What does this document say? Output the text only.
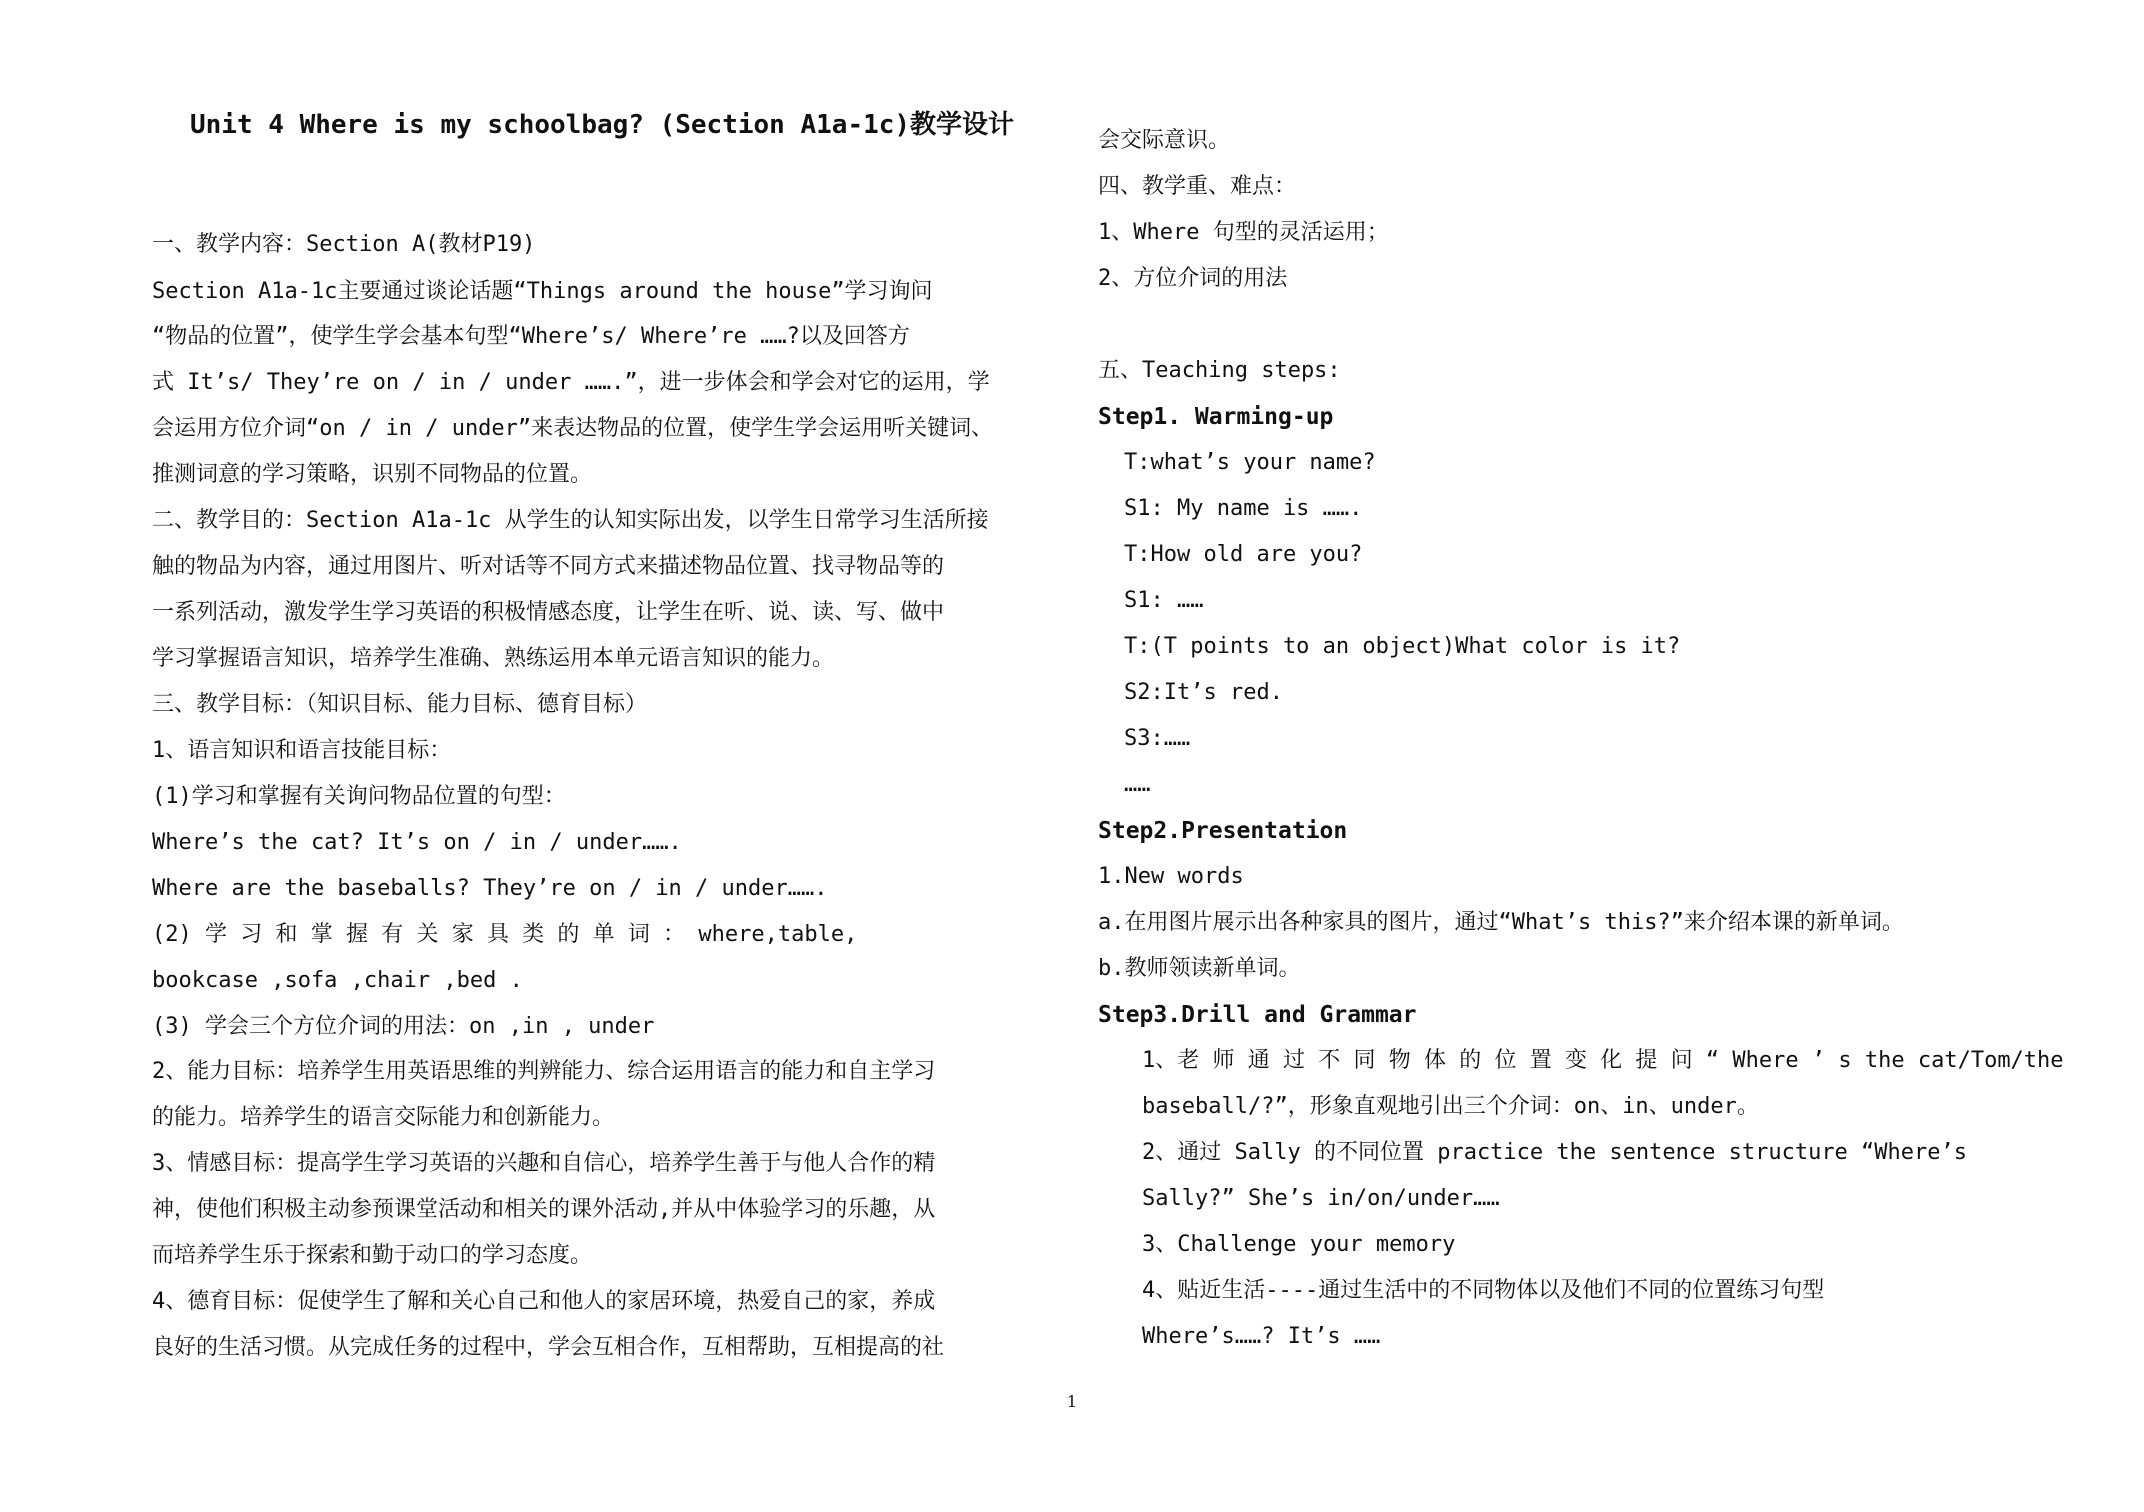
Unit 4 Where is my schoolbag? (Section A1a-1c)教学设计
一、教学内容：Section A(教材P19)
Section A1a-1c主要通过谈论话题“Things around the house”学习询问
“物品的位置”，使学生学会基本句型“Where’s/ Where’re ……?以及回答方
式 It’s/ They’re on / in / under …….”，进一步体会和学会对它的运用，学
会运用方位介词“on / in / under”来表达物品的位置，使学生学会运用听关键词、
推测词意的学习策略，识别不同物品的位置。
二、教学目的：Section A1a-1c 从学生的认知实际出发，以学生日常学习生活所接
触的物品为内容，通过用图片、听对话等不同方式来描述物品位置、找寻物品等的
一系列活动，激发学生学习英语的积极情感态度，让学生在听、说、读、写、做中
学习掌握语言知识，培养学生准确、熟练运用本单元语言知识的能力。
三、教学目标：（知识目标、能力目标、德育目标）
1、语言知识和语言技能目标：
(1)学习和掌握有关询问物品位置的句型：
Where’s the cat? It’s on / in / under…….
Where are the baseballs? They’re on / in / under…….
(2) 学 习 和 掌 握 有 关 家 具 类 的 单 词 ： where,table,
bookcase ,sofa ,chair ,bed .
(3) 学会三个方位介词的用法：on ,in , under
2、能力目标：培养学生用英语思维的判辨能力、综合运用语言的能力和自主学习
的能力。培养学生的语言交际能力和创新能力。
3、情感目标：提高学生学习英语的兴趣和自信心，培养学生善于与他人合作的精
神，使他们积极主动参预课堂活动和相关的课外活动,并从中体验学习的乐趣，从
而培养学生乐于探索和勤于动口的学习态度。
4、德育目标：促使学生了解和关心自己和他人的家居环境，热爱自己的家，养成
良好的生活习惯。从完成任务的过程中，学会互相合作，互相帮助，互相提高的社
会交际意识。
四、教学重、难点：
1、Where 句型的灵活运用；
2、方位介词的用法
五、Teaching steps:
Step1. Warming-up
T:what’s your name?
S1: My name is …….
T:How old are you?
S1: ……
T:(T points to an object)What color is it?
S2:It’s red.
S3:……
……
Step2.Presentation
1.New words
a.在用图片展示出各种家具的图片，通过“What’s this?”来介绍本课的新单词。
b.教师领读新单词。
Step3.Drill and Grammar
1、老 师 通 过 不 同 物 体 的 位 置 变 化 提 问 “ Where ’ s the cat/Tom/the
baseball/?”，形象直观地引出三个介词：on、in、under。
2、通过 Sally 的不同位置 practice the sentence structure “Where’s
Sally?” She’s in/on/under……
3、Challenge your memory
4、贴近生活----通过生活中的不同物体以及他们不同的位置练习句型
Where’s……? It’s ……
1
